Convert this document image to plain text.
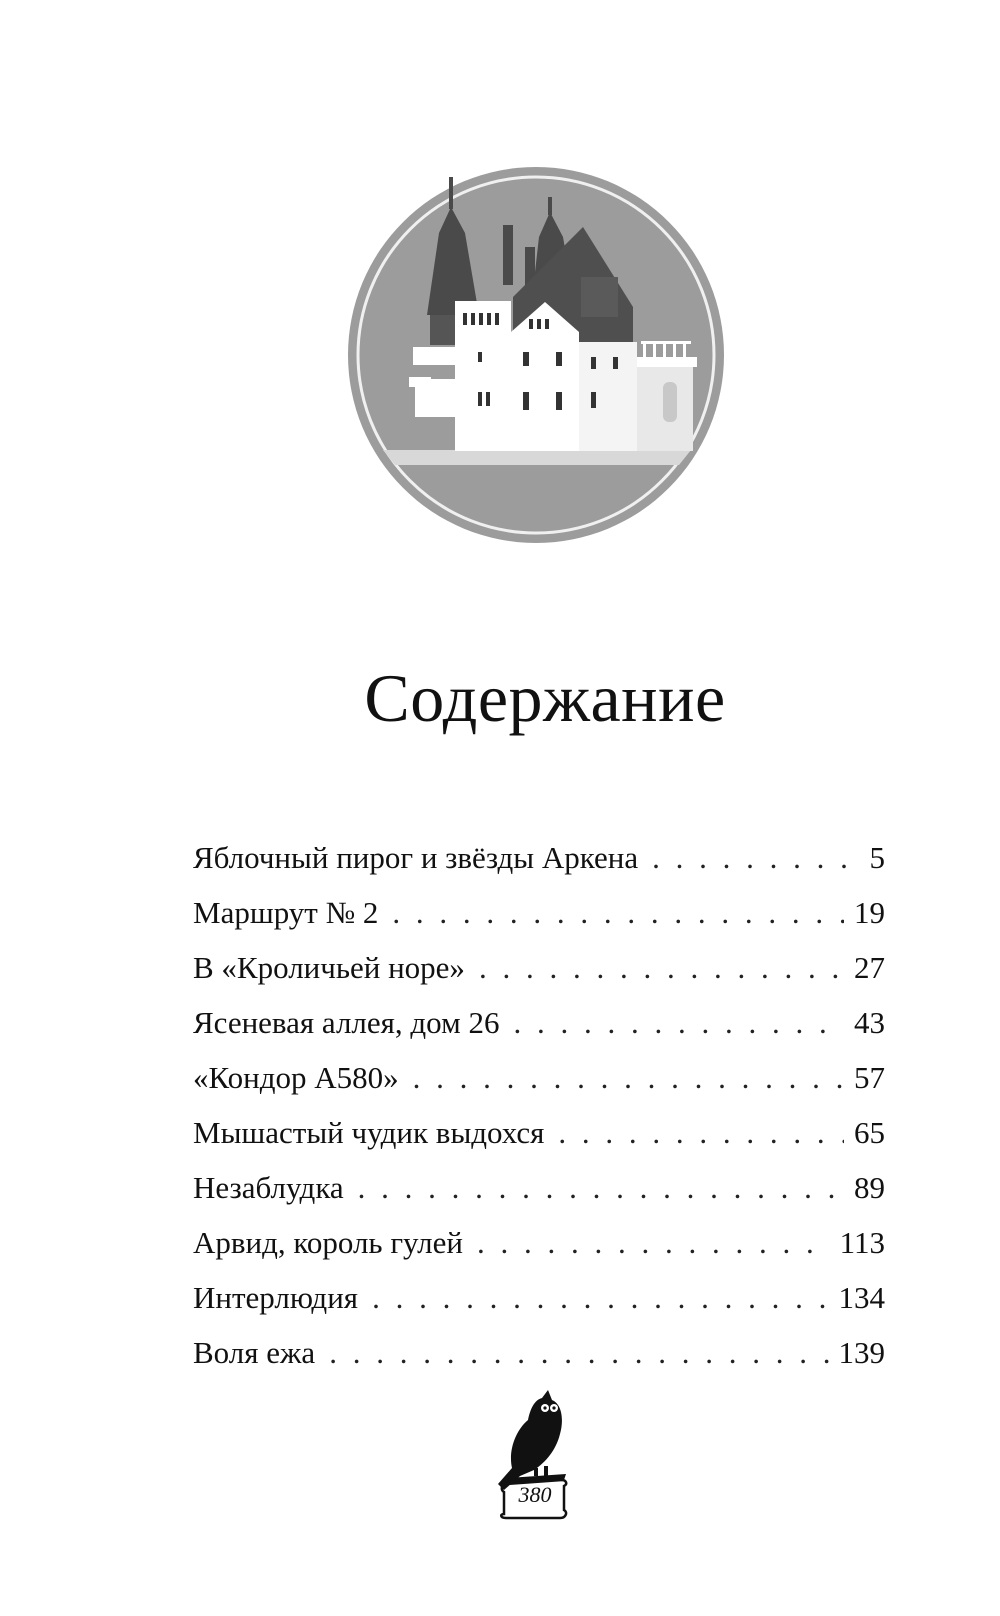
Содержание
Яблочный пирог и звёзды Аркена . . .	5
Маршрут № 2 . . .	19
В «Кроличьей норе» . . .	27
Ясеневая аллея, дом 26 . . .	43
«Кондор А580» . . .	57
Мышастый чудик выдохся . . .	65
Незаблудка . . .	89
Арвид, король гулей . . .	113
Интерлюдия . . .	134
Воля ежа . . .	139
380
